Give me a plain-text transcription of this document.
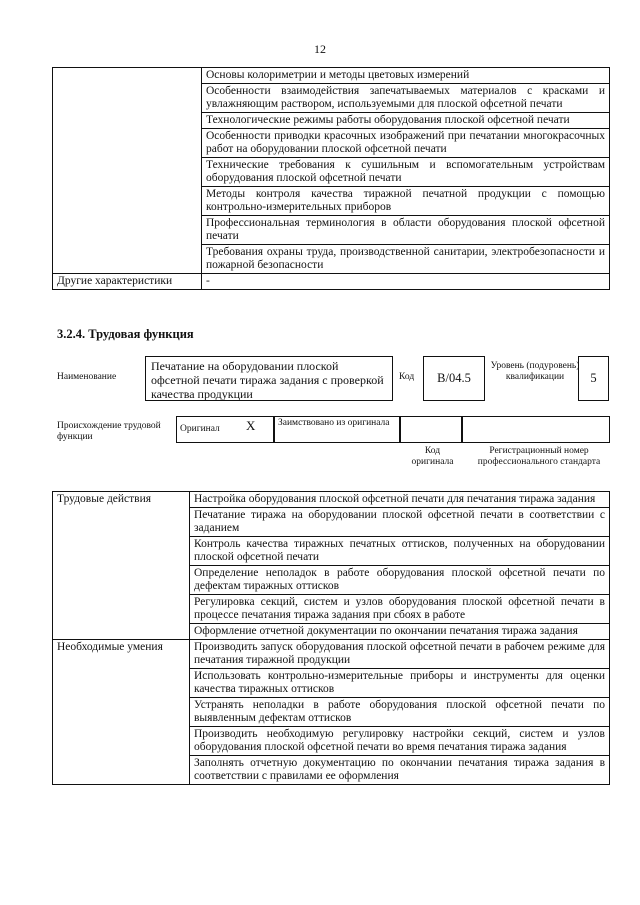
12
	Основы колориметрии и методы цветовых измерений
	Особенности взаимодействия запечатываемых материалов с красками и увлажняющим раствором, используемыми для плоской офсетной печати
	Технологические режимы работы оборудования плоской офсетной печати
	Особенности приводки красочных изображений при печатании многокрасочных работ на оборудовании плоской офсетной печати
	Технические требования к сушильным и вспомогательным устройствам оборудования плоской офсетной печати
	Методы контроля качества тиражной печатной продукции с помощью контрольно-измерительных приборов
	Профессиональная терминология в области оборудования плоской офсетной печати
	Требования охраны труда, производственной санитарии, электробезопасности и пожарной безопасности
Другие характеристики	-
3.2.4. Трудовая функция
Наименование
Печатание на оборудовании плоской офсетной печати тиража задания с проверкой качества продукции
Код	B/04.5
Уровень (подуровень) квалификации	5
Происхождение трудовой функции
Оригинал X Заимствовано из оригинала
Код оригинала
Регистрационный номер профессионального стандарта
Трудовые действия	Настройка оборудования плоской офсетной печати для печатания тиража задания
	Печатание тиража на оборудовании плоской офсетной печати в соответствии с заданием
	Контроль качества тиражных печатных оттисков, полученных на оборудовании плоской офсетной печати
	Определение неполадок в работе оборудования плоской офсетной печати по дефектам тиражных оттисков
	Регулировка секций, систем и узлов оборудования плоской офсетной печати в процессе печатания тиража задания при сбоях в работе
	Оформление отчетной документации по окончании печатания тиража задания
Необходимые умения	Производить запуск оборудования плоской офсетной печати в рабочем режиме для печатания тиражной продукции
	Использовать контрольно-измерительные приборы и инструменты для оценки качества тиражных оттисков
	Устранять неполадки в работе оборудования плоской офсетной печати по выявленным дефектам оттисков
	Производить необходимую регулировку настройки секций, систем и узлов оборудования плоской офсетной печати во время печатания тиража задания
	Заполнять отчетную документацию по окончании печатания тиража задания в соответствии с правилами ее оформления
